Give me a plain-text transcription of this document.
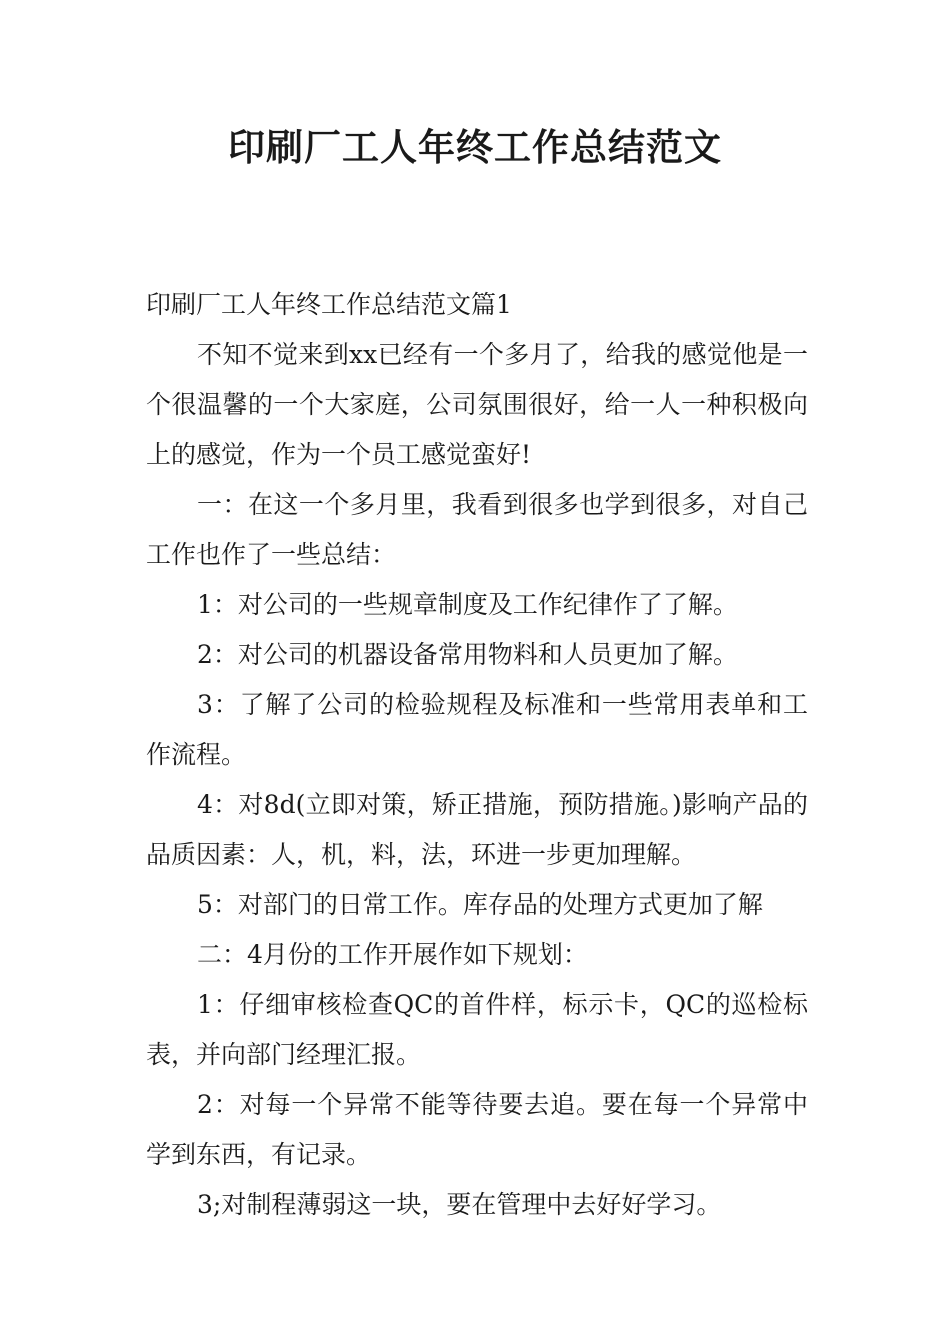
印刷厂工人年终工作总结范文

印刷厂工人年终工作总结范文篇1

不知不觉来到xx已经有一个多月了，给我的感觉他是一个很温馨的一个大家庭，公司氛围很好，给一人一种积极向上的感觉，作为一个员工感觉蛮好!

一：在这一个多月里，我看到很多也学到很多，对自己工作也作了一些总结：

1：对公司的一些规章制度及工作纪律作了了解。

2：对公司的机器设备常用物料和人员更加了解。

3：了解了公司的检验规程及标准和一些常用表单和工作流程。

4：对8d(立即对策，矫正措施，预防措施。)影响产品的品质因素：人，机，料，法，环进一步更加理解。

5：对部门的日常工作。库存品的处理方式更加了解

二：4月份的工作开展作如下规划：

1：仔细审核检查QC的首件样，标示卡，QC的巡检标表，并向部门经理汇报。

2：对每一个异常不能等待要去追。要在每一个异常中学到东西，有记录。

3;对制程薄弱这一块，要在管理中去好好学习。
